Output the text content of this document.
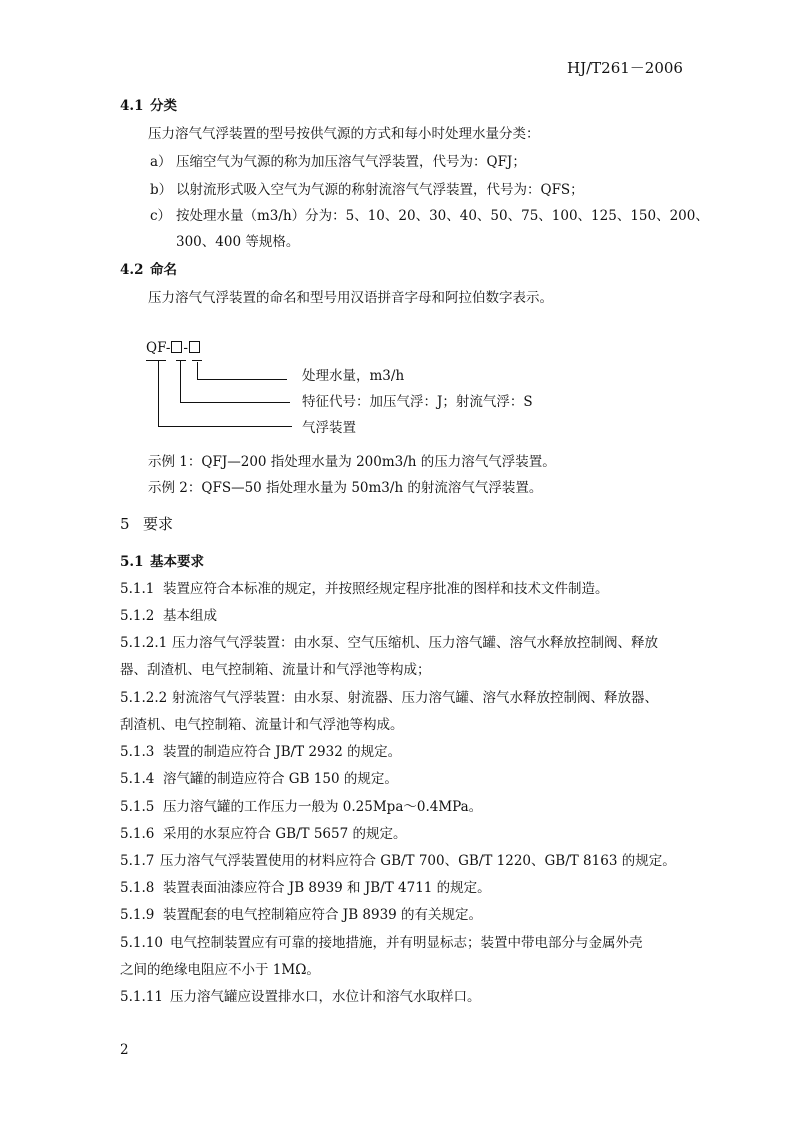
HJ/T261－2006
4.1 分类
压力溶气气浮装置的型号按供气源的方式和每小时处理水量分类：
a） 压缩空气为气源的称为加压溶气气浮装置，代号为：QFJ；
b） 以射流形式吸入空气为气源的称射流溶气气浮装置，代号为：QFS；
c） 按处理水量（m3/h）分为：5、10、20、30、40、50、75、100、125、150、200、
300、400 等规格。
4.2 命名
压力溶气气浮装置的命名和型号用汉语拼音字母和阿拉伯数字表示。
QF- -
处理水量，m3/h
特征代号：加压气浮：J；射流气浮：S
气浮装置
示例 1：QFJ—200 指处理水量为 200m3/h 的压力溶气气浮装置。
示例 2：QFS—50 指处理水量为 50m3/h 的射流溶气气浮装置。
5 要求
5.1 基本要求
5.1.1 装置应符合本标准的规定，并按照经规定程序批准的图样和技术文件制造。
5.1.2 基本组成
5.1.2.1 压力溶气气浮装置：由水泵、空气压缩机、压力溶气罐、溶气水释放控制阀、释放
器、刮渣机、电气控制箱、流量计和气浮池等构成；
5.1.2.2 射流溶气气浮装置：由水泵、射流器、压力溶气罐、溶气水释放控制阀、释放器、
刮渣机、电气控制箱、流量计和气浮池等构成。
5.1.3 装置的制造应符合 JB/T 2932 的规定。
5.1.4 溶气罐的制造应符合 GB 150 的规定。
5.1.5 压力溶气罐的工作压力一般为 0.25Mpa～0.4MPa。
5.1.6 采用的水泵应符合 GB/T 5657 的规定。
5.1.7 压力溶气气浮装置使用的材料应符合 GB/T 700、GB/T 1220、GB/T 8163 的规定。
5.1.8 装置表面油漆应符合 JB 8939 和 JB/T 4711 的规定。
5.1.9 装置配套的电气控制箱应符合 JB 8939 的有关规定。
5.1.10 电气控制装置应有可靠的接地措施，并有明显标志；装置中带电部分与金属外壳
之间的绝缘电阻应不小于 1MΩ。
5.1.11 压力溶气罐应设置排水口，水位计和溶气水取样口。
2
